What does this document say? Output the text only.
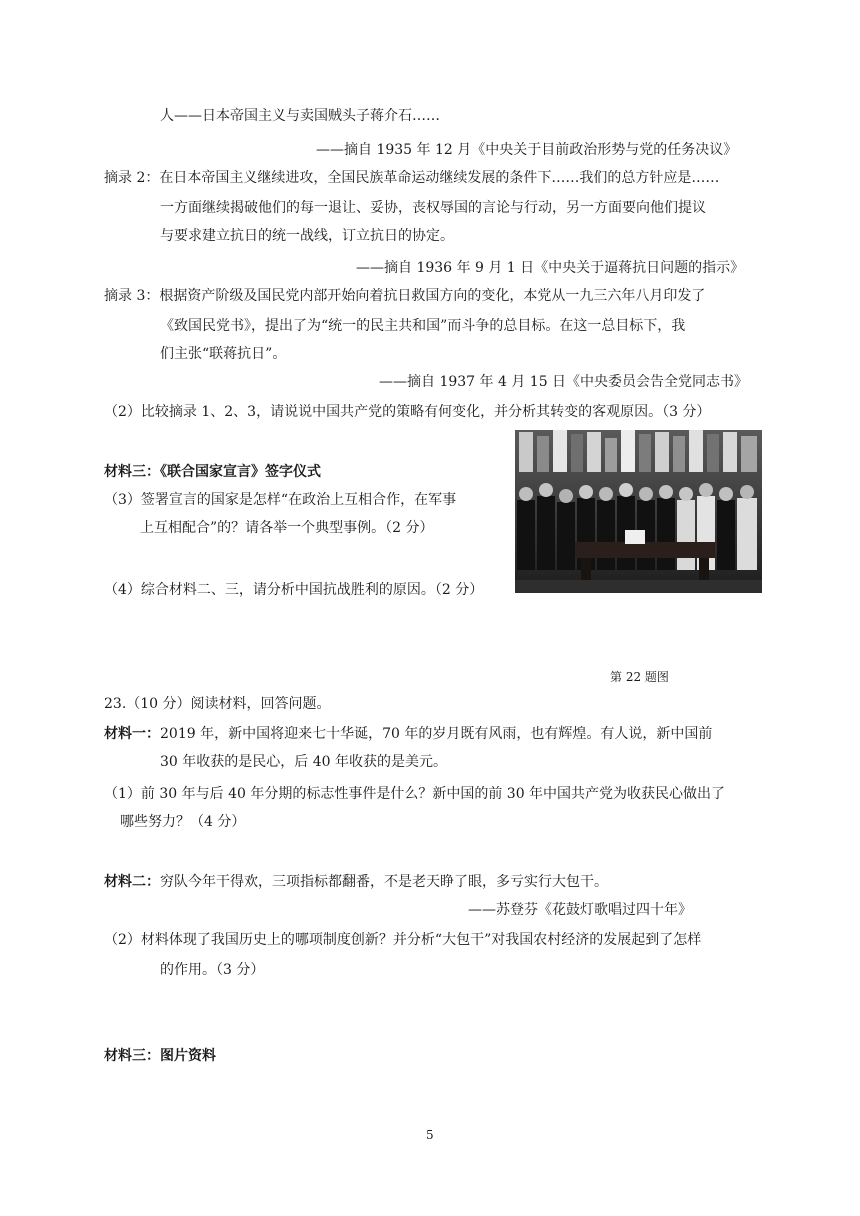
人——日本帝国主义与卖国贼头子蒋介石……
——摘自 1935 年 12 月《中央关于目前政治形势与党的任务决议》
摘录 2：在日本帝国主义继续进攻，全国民族革命运动继续发展的条件下……我们的总方针应是……
一方面继续揭破他们的每一退让、妥协，丧权辱国的言论与行动，另一方面要向他们提议
与要求建立抗日的统一战线，订立抗日的协定。
——摘自 1936 年 9 月 1 日《中央关于逼蒋抗日问题的指示》
摘录 3：根据资产阶级及国民党内部开始向着抗日救国方向的变化，本党从一九三六年八月印发了
《致国民党书》，提出了为“统一的民主共和国”而斗争的总目标。在这一总目标下，我
们主张“联蒋抗日”。
——摘自 1937 年 4 月 15 日《中央委员会告全党同志书》
（2）比较摘录 1、2、3，请说说中国共产党的策略有何变化，并分析其转变的客观原因。（3 分）
材料三：《联合国家宣言》签字仪式
（3）签署宣言的国家是怎样“在政治上互相合作，在军事
上互相配合”的？请各举一个典型事例。（2 分）
（4）综合材料二、三，请分析中国抗战胜利的原因。（2 分）
第 22 题图
23.（10 分）阅读材料，回答问题。
材料一：2019 年，新中国将迎来七十华诞，70 年的岁月既有风雨，也有辉煌。有人说，新中国前
30 年收获的是民心，后 40 年收获的是美元。
（1）前 30 年与后 40 年分期的标志性事件是什么？新中国的前 30 年中国共产党为收获民心做出了
哪些努力？（4 分）
材料二：穷队今年干得欢，三项指标都翻番，不是老天睁了眼，多亏实行大包干。
——苏登芬《花鼓灯歌唱过四十年》
（2）材料体现了我国历史上的哪项制度创新？并分析“大包干”对我国农村经济的发展起到了怎样
的作用。（3 分）
材料三：图片资料
5
